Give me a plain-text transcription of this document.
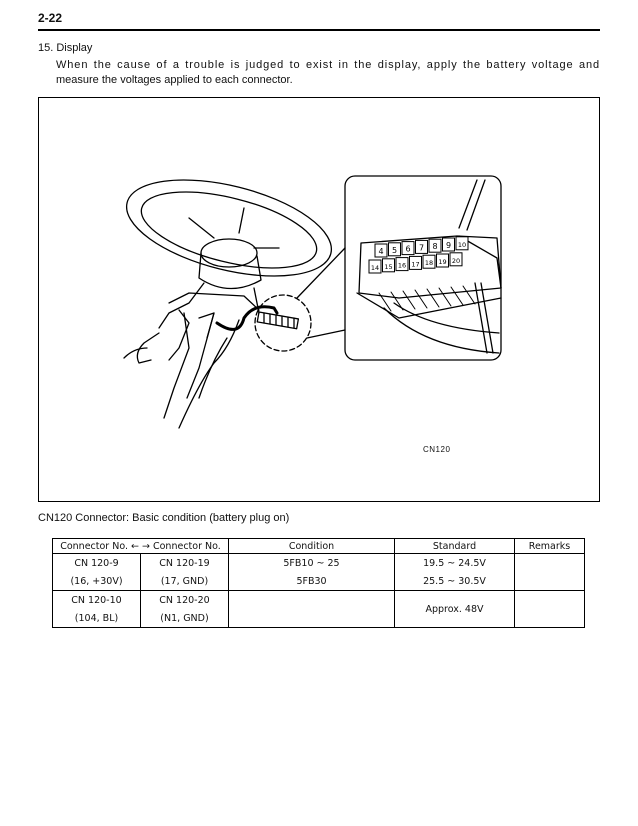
2-22
15. Display
When the cause of a trouble is judged to exist in the display, apply the battery voltage and
measure the voltages applied to each connector.
4 5 6 7 8 9 10
14 15 16 17 18 19 20
CN120
CN120 Connector: Basic condition (battery plug on)
Connector No. ← → Connector No.		Condition	Standard	Remarks
CN 120-9	CN 120-19	5FB10 ~ 25	19.5 ~ 24.5V	
(16, +30V)	(17, GND)	5FB30	25.5 ~ 30.5V	
CN 120-10	CN 120-20		Approx. 48V	
(104, BL)	(N1, GND)			
